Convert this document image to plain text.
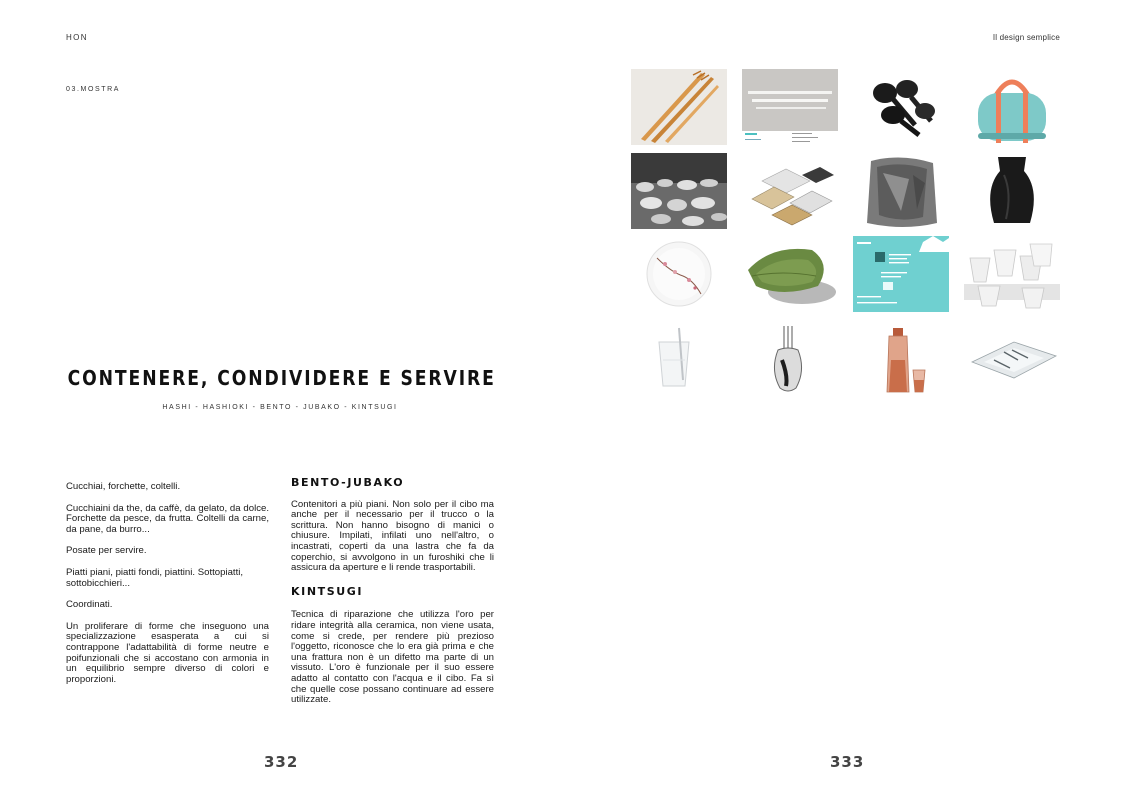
HON
03.MOSTRA
CONTENERE, CONDIVIDERE E SERVIRE
HASHI - HASHIOKI - BENTO - JUBAKO - KINTSUGI

Cucchiai, forchette, coltelli.

Cucchiaini da the, da caffè, da gelato, da dolce. Forchette da pesce, da frutta. Coltelli da carne, da pane, da burro...

Posate per servire.

Piatti piani, piatti fondi, piattini. Sottopiatti, sottobicchieri...

Coordinati.

Un proliferare di forme che inseguono una specializzazione esasperata a cui si contrappone l'adattabilità di forme neutre e poifunzionali che si accostano con armonia in un equilibrio sempre diverso di colori e proporzioni.

BENTO-JUBAKO

Contenitori a più piani. Non solo per il cibo ma anche per il necessario per il trucco o la scrittura. Non hanno bisogno di manici o chiusure. Impilati, infilati uno nell'altro, o incastrati, coperti da una lastra che fa da coperchio, si avvolgono in un furoshiki che li assicura da aperture e li rende trasportabili.

KINTSUGI

Tecnica di riparazione che utilizza l'oro per ridare integrità alla ceramica, non viene usata, come si crede, per rendere più prezioso l'oggetto, riconosce che lo era già prima e che una frattura non è un difetto ma parte di un vissuto. L'oro è funzionale per il suo essere adatto al contatto con l'acqua e il cibo. Fa sì che quelle cose possano continuare ad essere utilizzate.

332
Il design semplice
333
